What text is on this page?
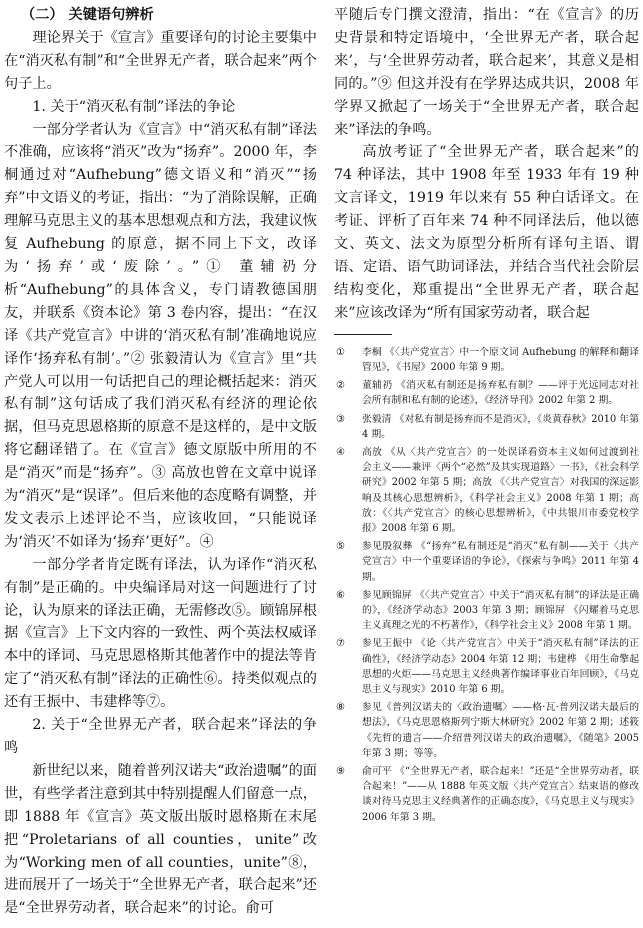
（二） 关键语句辨析

理论界关于《宣言》重要译句的讨论主要集中在“消灭私有制”和“全世界无产者，联合起来”两个句子上。

1. 关于“消灭私有制”译法的争论

一部分学者认为《宣言》中“消灭私有制”译法不准确，应该将“消灭”改为“扬弃”。2000 年，李桐通过对“Aufhebung”德文语义和“消灭”“扬弃”中文语义的考证，指出：“为了消除误解，正确理解马克思主义的基本思想观点和方法，我建议恢复 Aufhebung 的原意，据不同上下文，改译为‘扬弃’或‘废除’。”① 董辅礽分析“Aufhebung”的具体含义，专门请教德国朋友，并联系《资本论》第 3 卷内容，提出：“在汉译《共产党宣言》中讲的‘消灭私有制’准确地说应译作‘扬弃私有制’。”② 张毅清认为《宣言》里“共产党人可以用一句话把自己的理论概括起来：消灭私有制”这句话成了我们消灭私有经济的理论依据，但马克思恩格斯的原意不是这样的，是中文版将它翻译错了。在《宣言》德文原版中所用的不是“消灭”而是“扬弃”。③ 高放也曾在文章中说译为“消灭”是“误译”。但后来他的态度略有调整，并发文表示上述评论不当，应该收回，“只能说译为‘消灭’不如译为‘扬弃’更好”。④

一部分学者肯定既有译法，认为译作“消灭私有制”是正确的。中央编译局对这一问题进行了讨论，认为原来的译法正确，无需修改⑤。顾锦屏根据《宣言》上下文内容的一致性、两个英法权威译本中的译词、马克思恩格斯其他著作中的提法等肯定了“消灭私有制”译法的正确性⑥。持类似观点的还有王振中、韦建桦等⑦。

2. 关于“全世界无产者，联合起来”译法的争鸣

新世纪以来，随着普列汉诺夫“政治遗嘱”的面世，有些学者注意到其中特别提醒人们留意一点，即 1888 年《宣言》英文版出版时恩格斯在末尾把“Proletarians of all counties，unite”改为“Working men of all counties，unite”⑧，进而展开了一场关于“全世界无产者，联合起来”还是“全世界劳动者，联合起来”的讨论。俞可

平随后专门撰文澄清，指出：“在《宣言》的历史背景和特定语境中，‘全世界无产者，联合起来’，与‘全世界劳动者，联合起来’，其意义是相同的。”⑨ 但这并没有在学界达成共识，2008 年学界又掀起了一场关于“全世界无产者，联合起来”译法的争鸣。

高放考证了“全世界无产者，联合起来”的 74 种译法，其中 1908 年至 1933 年有 19 种文言译文，1919 年以来有 55 种白话译文。在考证、评析了百年来 74 种不同译法后，他以德文、英文、法文为原型分析所有译句主语、谓语、定语、语气助词译法，并结合当代社会阶层结构变化，郑重提出“全世界无产者，联合起来”应该改译为“所有国家劳动者，联合起

①	李桐 《〈共产党宣言〉中一个原文词 Aufhebung 的解释和翻译管见》，《书屋》2000 年第 9 期。
②	董辅礽 《消灭私有制还是扬弃私有制？——评于光远同志对社会所有制和私有制的论述》，《经济导刊》2002 年第 2 期。
③	张毅清 《对私有制是扬弃而不是消灭》，《炎黄春秋》2010 年第 4 期。
④	高放 《从〈共产党宣言〉的一处误译看资本主义如何过渡到社会主义——兼评〈两个“必然”及其实现道路〉一书》，《社会科学研究》2002 年第 5 期；高放 《〈共产党宣言〉对我国的深远影响及其核心思想辨析》，《科学社会主义》2008 年第 1 期；高放：《〈共产党宣言〉的核心思想辨析》，《中共银川市委党校学报》2008 年第 6 期。
⑤	参见殷叙彝 《“扬弃”私有制还是“消灭”私有制——关于〈共产党宣言〉中一个重要译语的争论》，《探索与争鸣》2011 年第 4 期。
⑥	参见顾锦屏 《〈共产党宣言〉中关于“消灭私有制”的译法是正确的》，《经济学动态》2003 年第 3 期；顾锦屏 《闪耀着马克思主义真理之光的不朽著作》，《科学社会主义》2008 年第 1 期。
⑦	参见王振中 《论〈共产党宣言〉中关于“消灭私有制”译法的正确性》，《经济学动态》2004 年第 12 期；韦建桦 《用生命擎起思想的火炬——马克思主义经典著作编译事业百年回顾》，《马克思主义与现实》2010 年第 6 期。
⑧	参见《普列汉诺夫的〈政治遗嘱〉——格·瓦·普列汉诺夫最后的想法》，《马克思恩格斯列宁斯大林研究》2002 年第 2 期；述筱 《先哲的遗言——介绍普列汉诺夫的政治遗嘱》，《随笔》2005 年第 3 期；等等。
⑨	俞可平 《“全世界无产者，联合起来！”还是“全世界劳动者，联合起来！”——从 1888 年英文版〈共产党宣言〉结束语的修改谈对待马克思主义经典著作的正确态度》，《马克思主义与现实》2006 年第 3 期。
